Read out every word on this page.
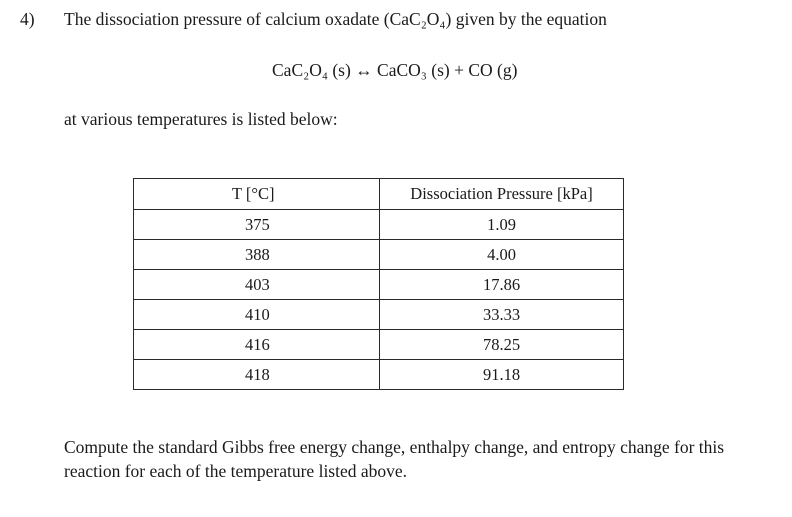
4) The dissociation pressure of calcium oxadate (CaC₂O₄) given by the equation
CaC₂O₄ (s) ↔ CaCO₃ (s) + CO (g)
at various temperatures is listed below:
T [°C]	Dissociation Pressure [kPa]
375	1.09
388	4.00
403	17.86
410	33.33
416	78.25
418	91.18
Compute the standard Gibbs free energy change, enthalpy change, and entropy change for this reaction for each of the temperature listed above.
